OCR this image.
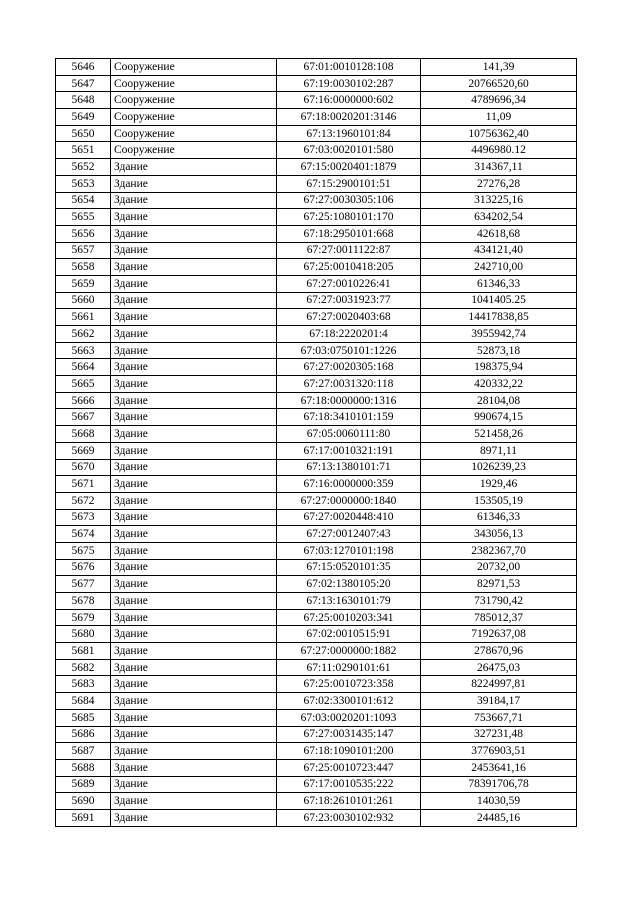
5646	Сооружение	67:01:0010128:108	141,39
5647	Сооружение	67:19:0030102:287	20766520,60
5648	Сооружение	67:16:0000000:602	4789696,34
5649	Сооружение	67:18:0020201:3146	11,09
5650	Сооружение	67:13:1960101:84	10756362,40
5651	Сооружение	67:03:0020101:580	4496980.12
5652	Здание	67:15:0020401:1879	314367,11
5653	Здание	67:15:2900101:51	27276,28
5654	Здание	67:27:0030305:106	313225,16
5655	Здание	67:25:1080101:170	634202,54
5656	Здание	67:18:2950101:668	42618,68
5657	Здание	67:27:0011122:87	434121,40
5658	Здание	67:25:0010418:205	242710,00
5659	Здание	67:27:0010226:41	61346,33
5660	Здание	67:27:0031923:77	1041405.25
5661	Здание	67:27:0020403:68	14417838,85
5662	Здание	67:18:2220201:4	3955942,74
5663	Здание	67:03:0750101:1226	52873,18
5664	Здание	67:27:0020305:168	198375,94
5665	Здание	67:27:0031320:118	420332,22
5666	Здание	67:18:0000000:1316	28104,08
5667	Здание	67:18:3410101:159	990674,15
5668	Здание	67:05:0060111:80	521458,26
5669	Здание	67:17:0010321:191	8971,11
5670	Здание	67:13:1380101:71	1026239,23
5671	Здание	67:16:0000000:359	1929,46
5672	Здание	67:27:0000000:1840	153505,19
5673	Здание	67:27:0020448:410	61346,33
5674	Здание	67:27:0012407:43	343056,13
5675	Здание	67:03:1270101:198	2382367,70
5676	Здание	67:15:0520101:35	20732,00
5677	Здание	67:02:1380105:20	82971,53
5678	Здание	67:13:1630101:79	731790,42
5679	Здание	67:25:0010203:341	785012,37
5680	Здание	67:02:0010515:91	7192637,08
5681	Здание	67:27:0000000:1882	278670,96
5682	Здание	67:11:0290101:61	26475,03
5683	Здание	67:25:0010723:358	8224997,81
5684	Здание	67:02:3300101:612	39184,17
5685	Здание	67:03:0020201:1093	753667,71
5686	Здание	67:27:0031435:147	327231,48
5687	Здание	67:18:1090101:200	3776903,51
5688	Здание	67:25:0010723:447	2453641,16
5689	Здание	67:17:0010535:222	78391706,78
5690	Здание	67:18:2610101:261	14030,59
5691	Здание	67:23:0030102:932	24485,16
